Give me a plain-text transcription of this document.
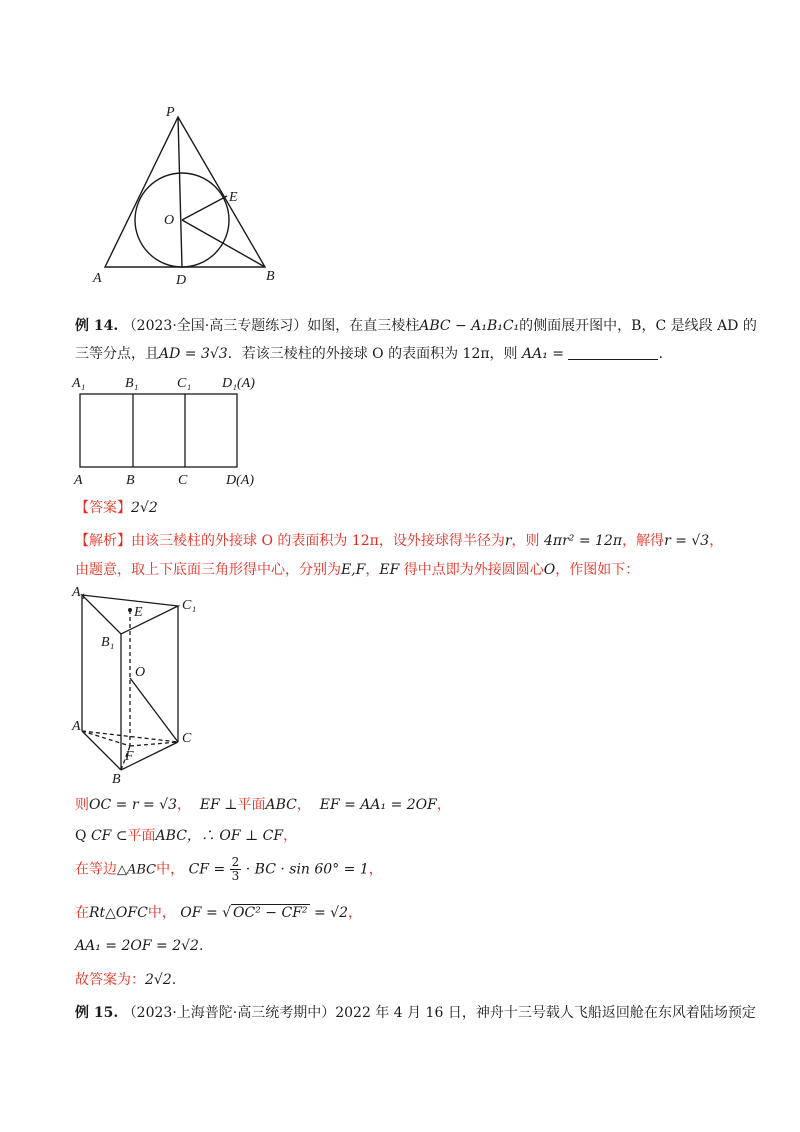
P
O
E
A	D	B
例 14. （2023·全国·高三专题练习）如图，在直三棱柱ABC − A₁B₁C₁的侧面展开图中，B，C 是线段 AD 的
三等分点，且AD = 3√3．若该三棱柱的外接球 O 的表面积为 12π，则 AA₁ =	.
A₁	B₁	C₁ D₁(A)
A	B	C	D(A)
【答案】2√2
【解析】由该三棱柱的外接球 O 的表面积为 12π，设外接球得半径为r，则 4πr² = 12π，解得r = √3，
由题意，取上下底面三角形得中心，分别为E,F，EF 得中点即为外接圆圆心O，作图如下：
A₁
E	C₁
B₁
O
A
C
F
B
则OC = r = √3， EF ⊥平面ABC， EF = AA₁ = 2OF，
Q CF ⊂平面ABC，∴ OF ⊥ CF，
在等边△ABC中， CF = $\frac{2}{3}$ · BC · sin 60° = 1，
在Rt△OFC中， OF = √ OC² − CF² = √2，
AA₁ = 2OF = 2√2.
故答案为：2√2.
例 15. （2023·上海普陀·高三统考期中）2022 年 4 月 16 日，神舟十三号载人飞船返回舱在东风着陆场预定
